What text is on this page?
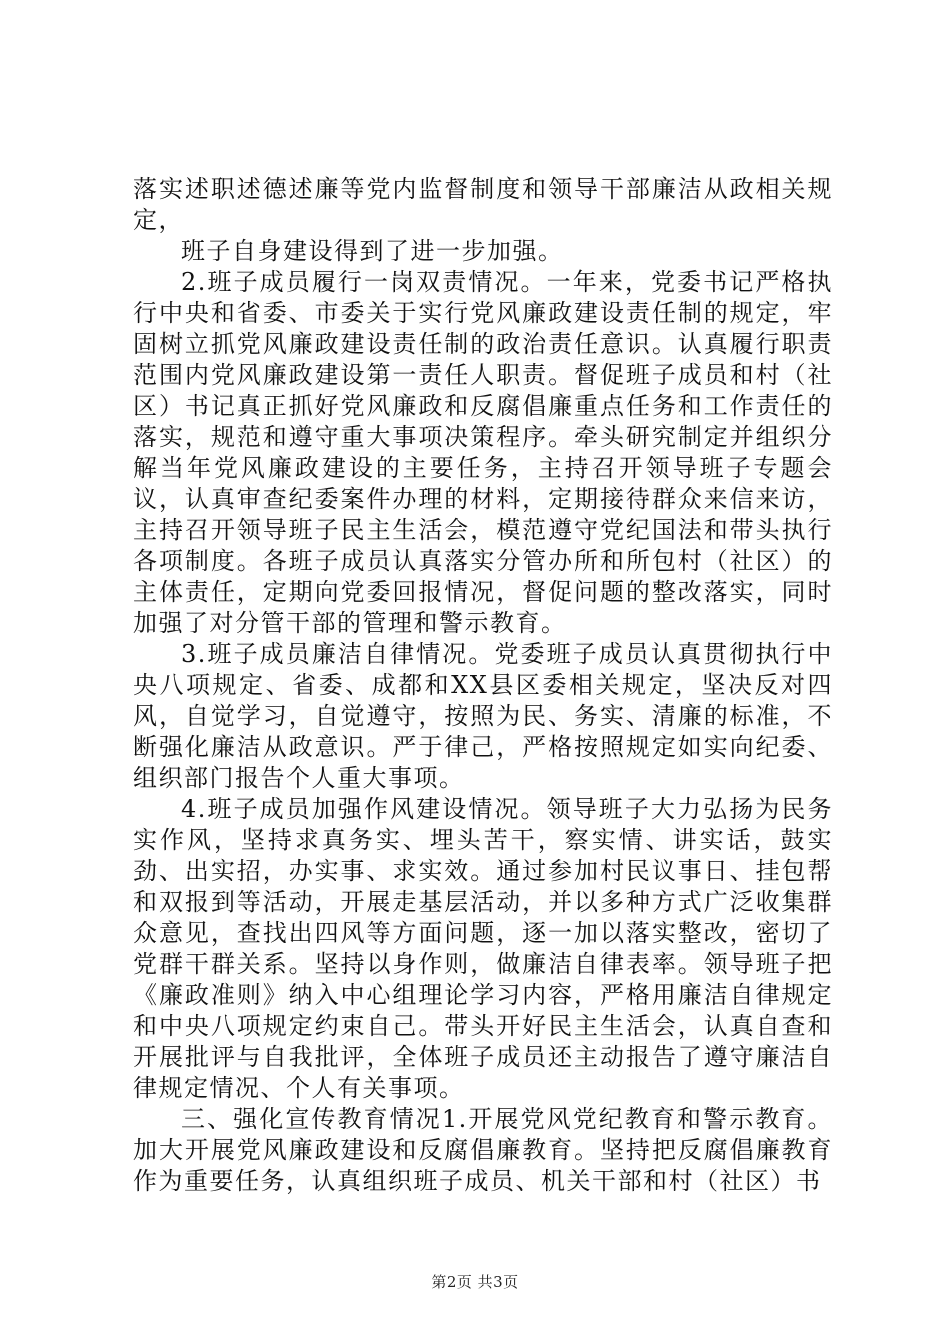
落实述职述德述廉等党内监督制度和领导干部廉洁从政相关规定，

班子自身建设得到了进一步加强。

2.班子成员履行一岗双责情况。一年来，党委书记严格执行中央和省委、市委关于实行党风廉政建设责任制的规定，牢固树立抓党风廉政建设责任制的政治责任意识。认真履行职责范围内党风廉政建设第一责任人职责。督促班子成员和村（社区）书记真正抓好党风廉政和反腐倡廉重点任务和工作责任的落实，规范和遵守重大事项决策程序。牵头研究制定并组织分解当年党风廉政建设的主要任务，主持召开领导班子专题会议，认真审查纪委案件办理的材料，定期接待群众来信来访，主持召开领导班子民主生活会，模范遵守党纪国法和带头执行各项制度。各班子成员认真落实分管办所和所包村（社区）的主体责任，定期向党委回报情况，督促问题的整改落实，同时加强了对分管干部的管理和警示教育。

3.班子成员廉洁自律情况。党委班子成员认真贯彻执行中央八项规定、省委、成都和XX县区委相关规定，坚决反对四风，自觉学习，自觉遵守，按照为民、务实、清廉的标准，不断强化廉洁从政意识。严于律己，严格按照规定如实向纪委、组织部门报告个人重大事项。

4.班子成员加强作风建设情况。领导班子大力弘扬为民务实作风，坚持求真务实、埋头苦干，察实情、讲实话，鼓实劲、出实招，办实事、求实效。通过参加村民议事日、挂包帮和双报到等活动，开展走基层活动，并以多种方式广泛收集群众意见，查找出四风等方面问题，逐一加以落实整改，密切了党群干群关系。坚持以身作则，做廉洁自律表率。领导班子把《廉政准则》纳入中心组理论学习内容，严格用廉洁自律规定和中央八项规定约束自己。带头开好民主生活会，认真自查和开展批评与自我批评，全体班子成员还主动报告了遵守廉洁自律规定情况、个人有关事项。

三、强化宣传教育情况1.开展党风党纪教育和警示教育。加大开展党风廉政建设和反腐倡廉教育。坚持把反腐倡廉教育作为重要任务，认真组织班子成员、机关干部和村（社区）书

第2页 共3页
